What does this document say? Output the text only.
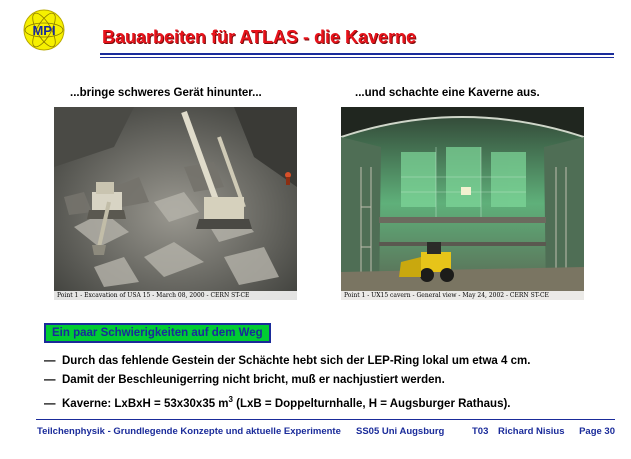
MPI	Bauarbeiten für ATLAS - die Kaverne
...bringe schweres Gerät hinunter...	...und schachte eine Kaverne aus.
Point 1 - Excavation of USA 15 - March 08, 2000 - CERN ST-CE	Point 1 - UX15 cavern - General view - May 24, 2002 - CERN ST-CE
Ein paar Schwierigkeiten auf dem Weg
— Durch das fehlende Gestein der Schächte hebt sich der LEP-Ring lokal um etwa 4 cm.
— Damit der Beschleunigerring nicht bricht, muß er nachjustiert werden.
— Kaverne: LxBxH = 53x30x35 $m^3$ (LxB = Doppelturnhalle, H = Augsburger Rathaus).
Teilchenphysik - Grundlegende Konzepte und aktuelle Experimente SS05 Uni Augsburg	T03 Richard Nisius Page 30
